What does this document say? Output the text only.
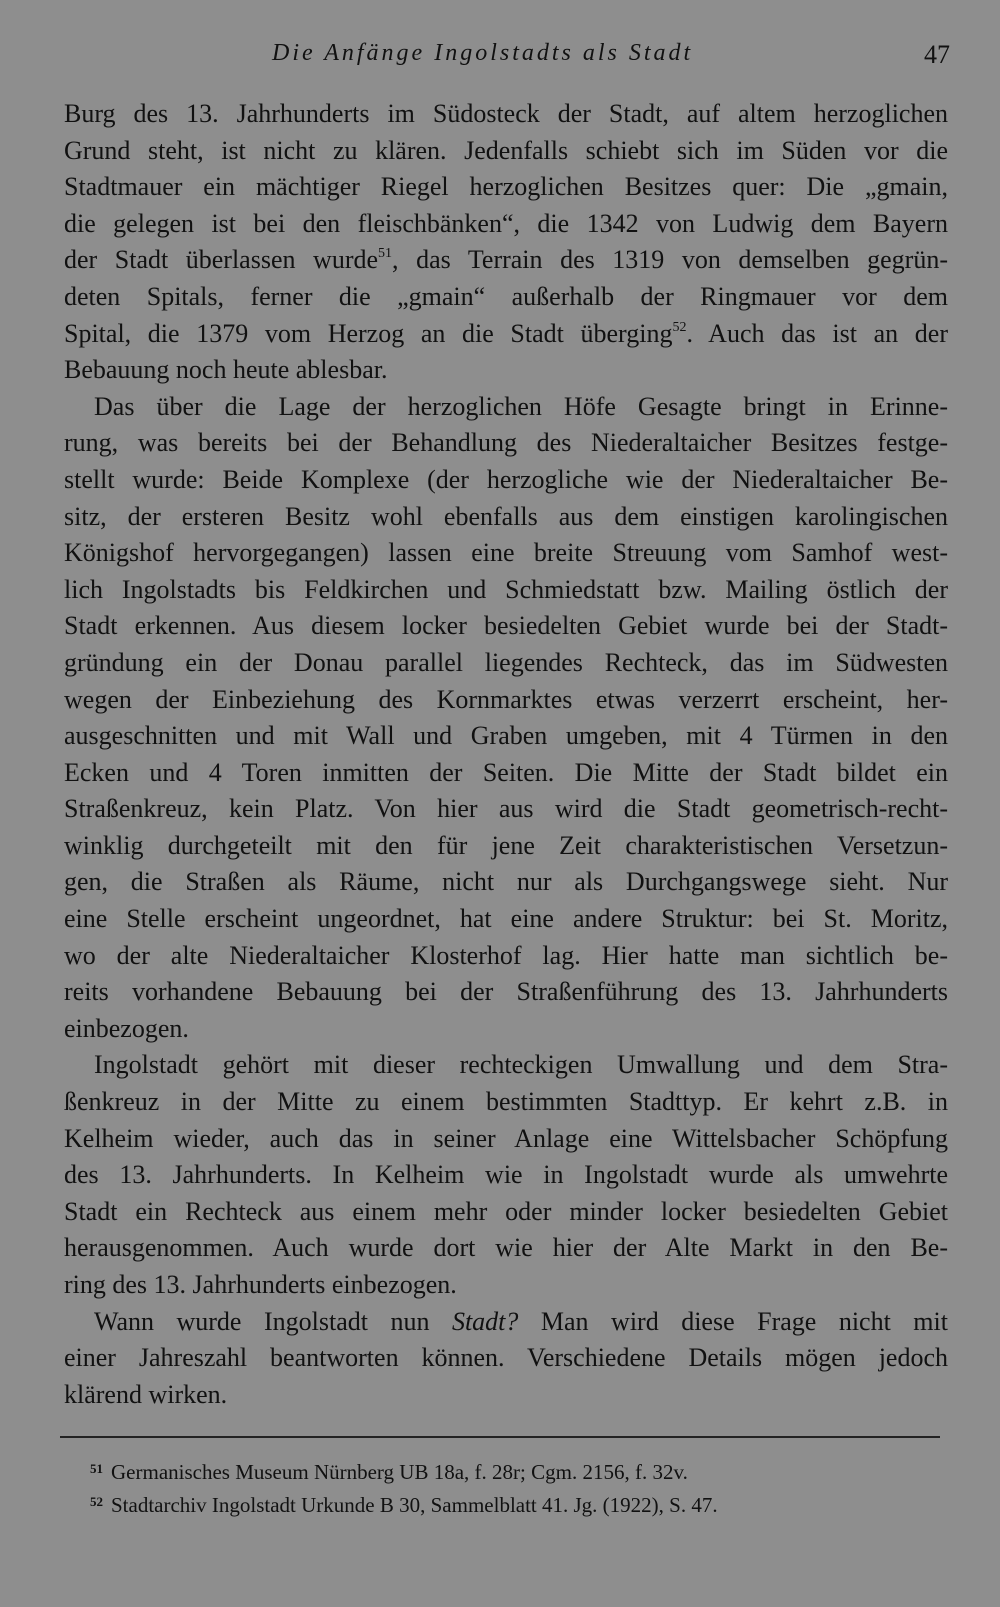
Die Anfänge Ingolstadts als Stadt	47
Burg des 13. Jahrhunderts im Südosteck der Stadt, auf altem herzoglichen
Grund steht, ist nicht zu klären. Jedenfalls schiebt sich im Süden vor die
Stadtmauer ein mächtiger Riegel herzoglichen Besitzes quer: Die „gmain,
die gelegen ist bei den fleischbänken“, die 1342 von Ludwig dem Bayern
der Stadt überlassen wurde$^{51}$, das Terrain des 1319 von demselben gegrün-
deten Spitals, ferner die „gmain“ außerhalb der Ringmauer vor dem
Spital, die 1379 vom Herzog an die Stadt überging$^{52}$. Auch das ist an der
Bebauung noch heute ablesbar.
Das über die Lage der herzoglichen Höfe Gesagte bringt in Erinne-
rung, was bereits bei der Behandlung des Niederaltaicher Besitzes festge-
stellt wurde: Beide Komplexe (der herzogliche wie der Niederaltaicher Be-
sitz, der ersteren Besitz wohl ebenfalls aus dem einstigen karolingischen
Königshof hervorgegangen) lassen eine breite Streuung vom Samhof west-
lich Ingolstadts bis Feldkirchen und Schmiedstatt bzw. Mailing östlich der
Stadt erkennen. Aus diesem locker besiedelten Gebiet wurde bei der Stadt-
gründung ein der Donau parallel liegendes Rechteck, das im Südwesten
wegen der Einbeziehung des Kornmarktes etwas verzerrt erscheint, her-
ausgeschnitten und mit Wall und Graben umgeben, mit 4 Türmen in den
Ecken und 4 Toren inmitten der Seiten. Die Mitte der Stadt bildet ein
Straßenkreuz, kein Platz. Von hier aus wird die Stadt geometrisch-recht-
winklig durchgeteilt mit den für jene Zeit charakteristischen Versetzun-
gen, die Straßen als Räume, nicht nur als Durchgangswege sieht. Nur
eine Stelle erscheint ungeordnet, hat eine andere Struktur: bei St. Moritz,
wo der alte Niederaltaicher Klosterhof lag. Hier hatte man sichtlich be-
reits vorhandene Bebauung bei der Straßenführung des 13. Jahrhunderts
einbezogen.
Ingolstadt gehört mit dieser rechteckigen Umwallung und dem Stra-
ßenkreuz in der Mitte zu einem bestimmten Stadttyp. Er kehrt z.B. in
Kelheim wieder, auch das in seiner Anlage eine Wittelsbacher Schöpfung
des 13. Jahrhunderts. In Kelheim wie in Ingolstadt wurde als umwehrte
Stadt ein Rechteck aus einem mehr oder minder locker besiedelten Gebiet
herausgenommen. Auch wurde dort wie hier der Alte Markt in den Be-
ring des 13. Jahrhunderts einbezogen.
Wann wurde Ingolstadt nun Stadt? Man wird diese Frage nicht mit
einer Jahreszahl beantworten können. Verschiedene Details mögen jedoch
klärend wirken.
$^{51}$ Germanisches Museum Nürnberg UB 18a, f. 28r; Cgm. 2156, f. 32v.
$^{52}$ Stadtarchiv Ingolstadt Urkunde B 30, Sammelblatt 41. Jg. (1922), S. 47.
